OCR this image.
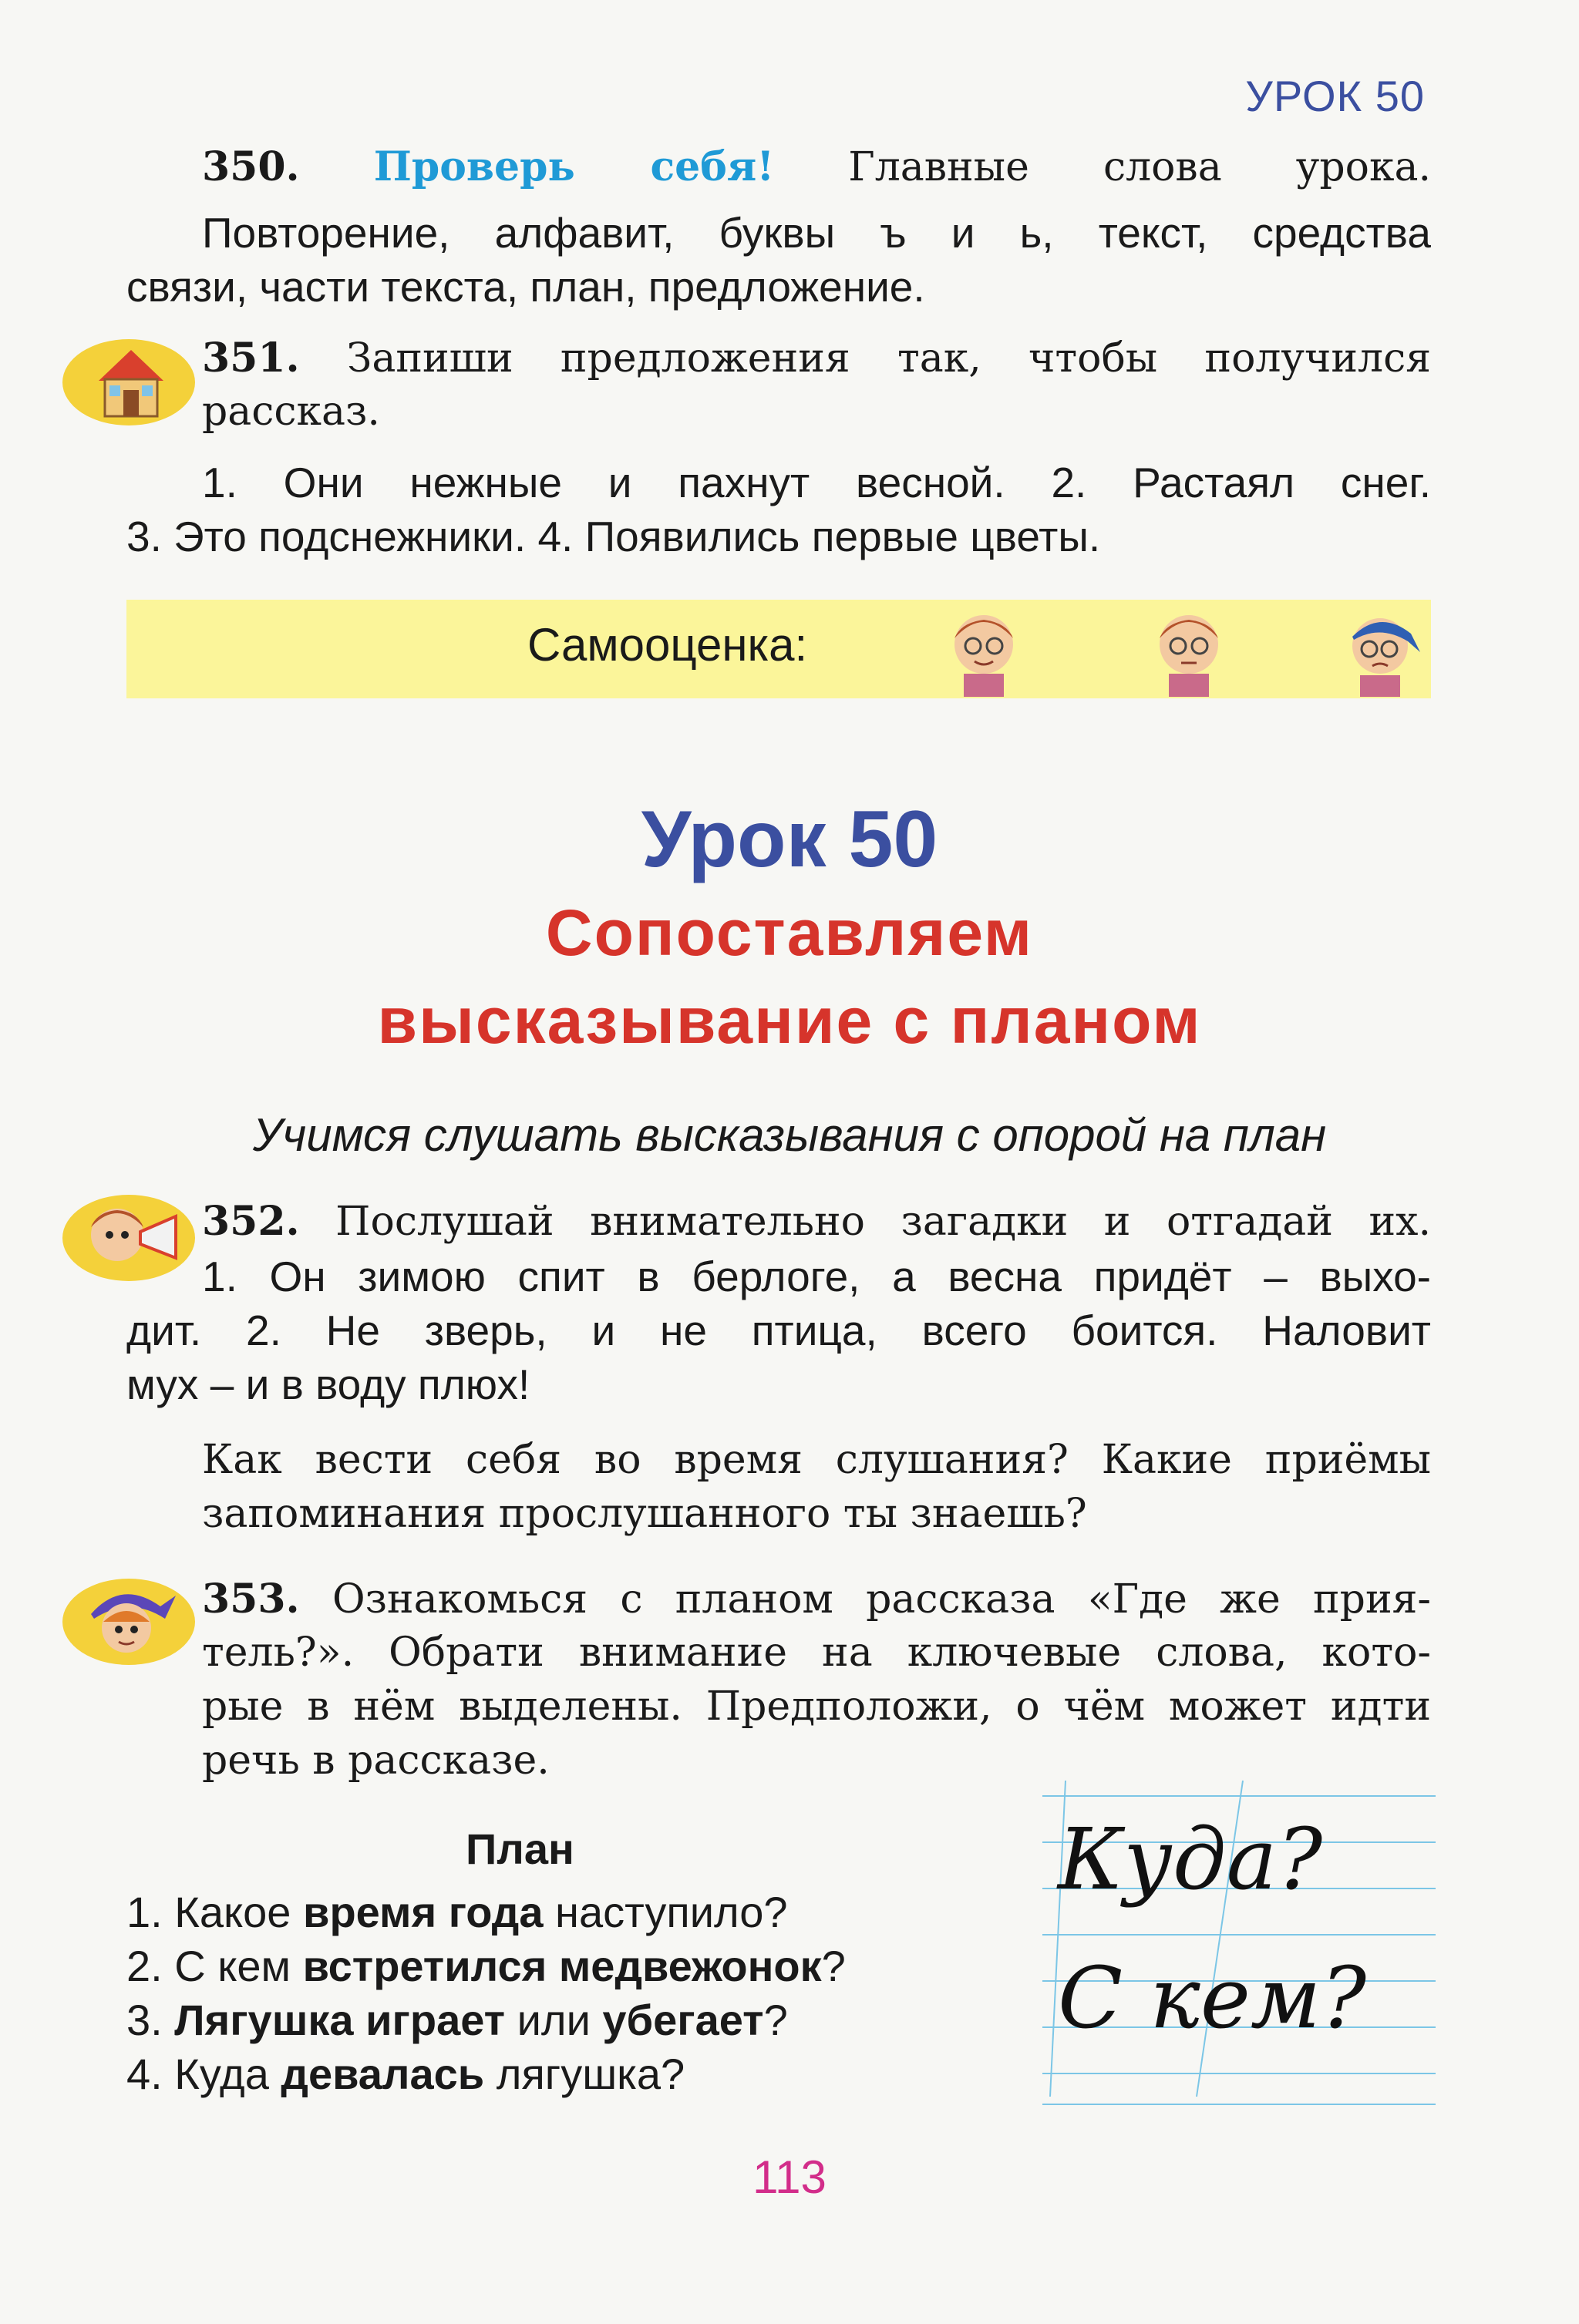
УРОК 50
350. Проверь себя! Главные слова урока.
Повторение, алфавит, буквы ъ и ь, текст, средства
связи, части текста, план, предложение.
351. Запиши предложения так, чтобы получился
рассказ.
1. Они нежные и пахнут весной. 2. Растаял снег.
3. Это подснежники. 4. Появились первые цветы.
Самооценка:
Урок 50
Сопоставляем
высказывание с планом
Учимся слушать высказывания с опорой на план
352. Послушай внимательно загадки и отгадай их.
1. Он зимою спит в берлоге, а весна придёт – выхо-
дит. 2. Не зверь, и не птица, всего боится. Наловит
мух – и в воду плюх!
Как вести себя во время слушания? Какие приёмы
запоминания прослушанного ты знаешь?
353. Ознакомься с планом рассказа «Где же прия-
тель?». Обрати внимание на ключевые слова, кото-
рые в нём выделены. Предположи, о чём может идти
речь в рассказе.
План
1. Какое время года наступило?
2. С кем встретился медвежонок?
3. Лягушка играет или убегает?
4. Куда девалась лягушка?
Куда?
С кем?
113
